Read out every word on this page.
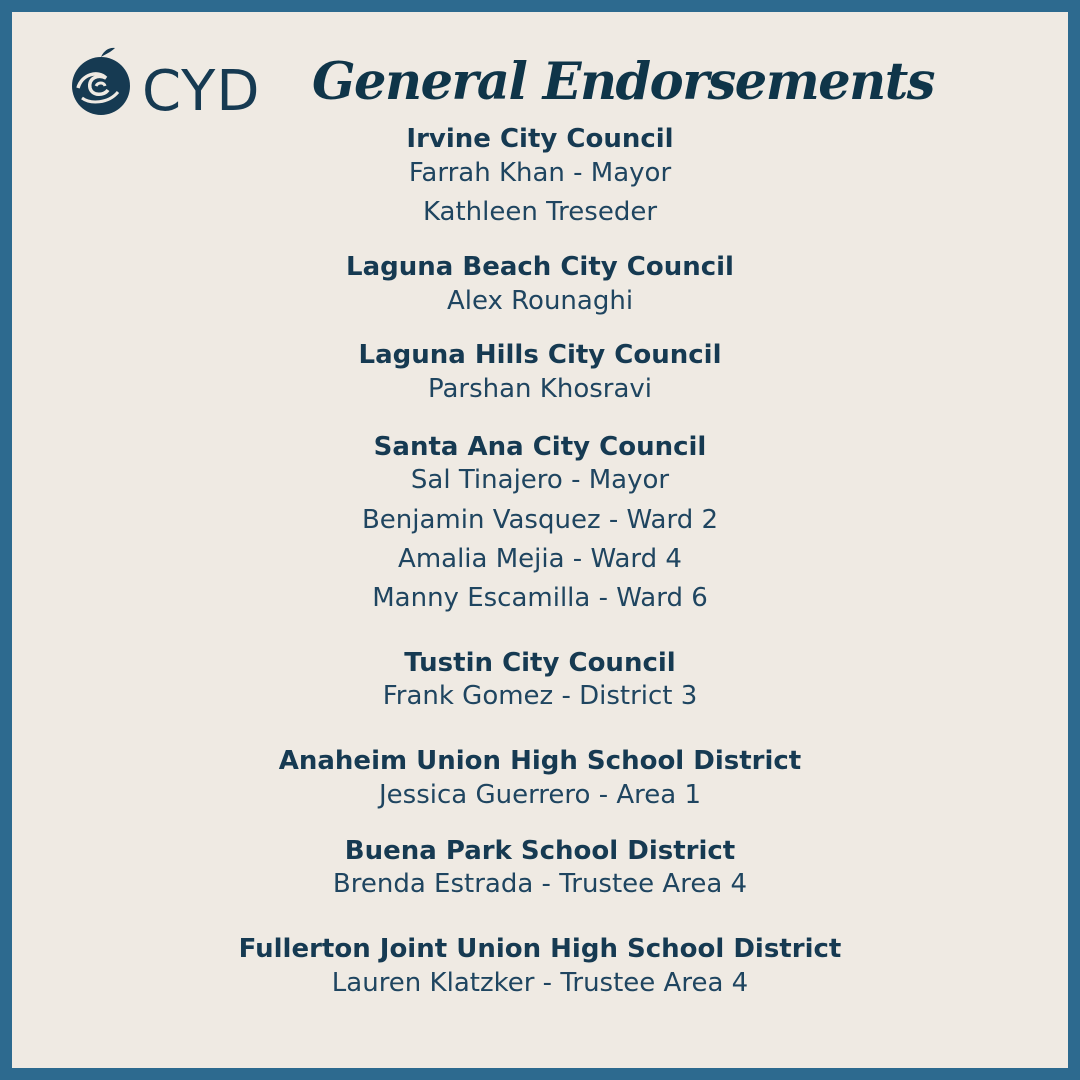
CYD General Endorsements
Irvine City Council
Farrah Khan - Mayor
Kathleen Treseder
Laguna Beach City Council
Alex Rounaghi
Laguna Hills City Council
Parshan Khosravi
Santa Ana City Council
Sal Tinajero - Mayor
Benjamin Vasquez - Ward 2
Amalia Mejia - Ward 4
Manny Escamilla - Ward 6
Tustin City Council
Frank Gomez - District 3
Anaheim Union High School District
Jessica Guerrero - Area 1
Buena Park School District
Brenda Estrada - Trustee Area 4
Fullerton Joint Union High School District
Lauren Klatzker - Trustee Area 4
